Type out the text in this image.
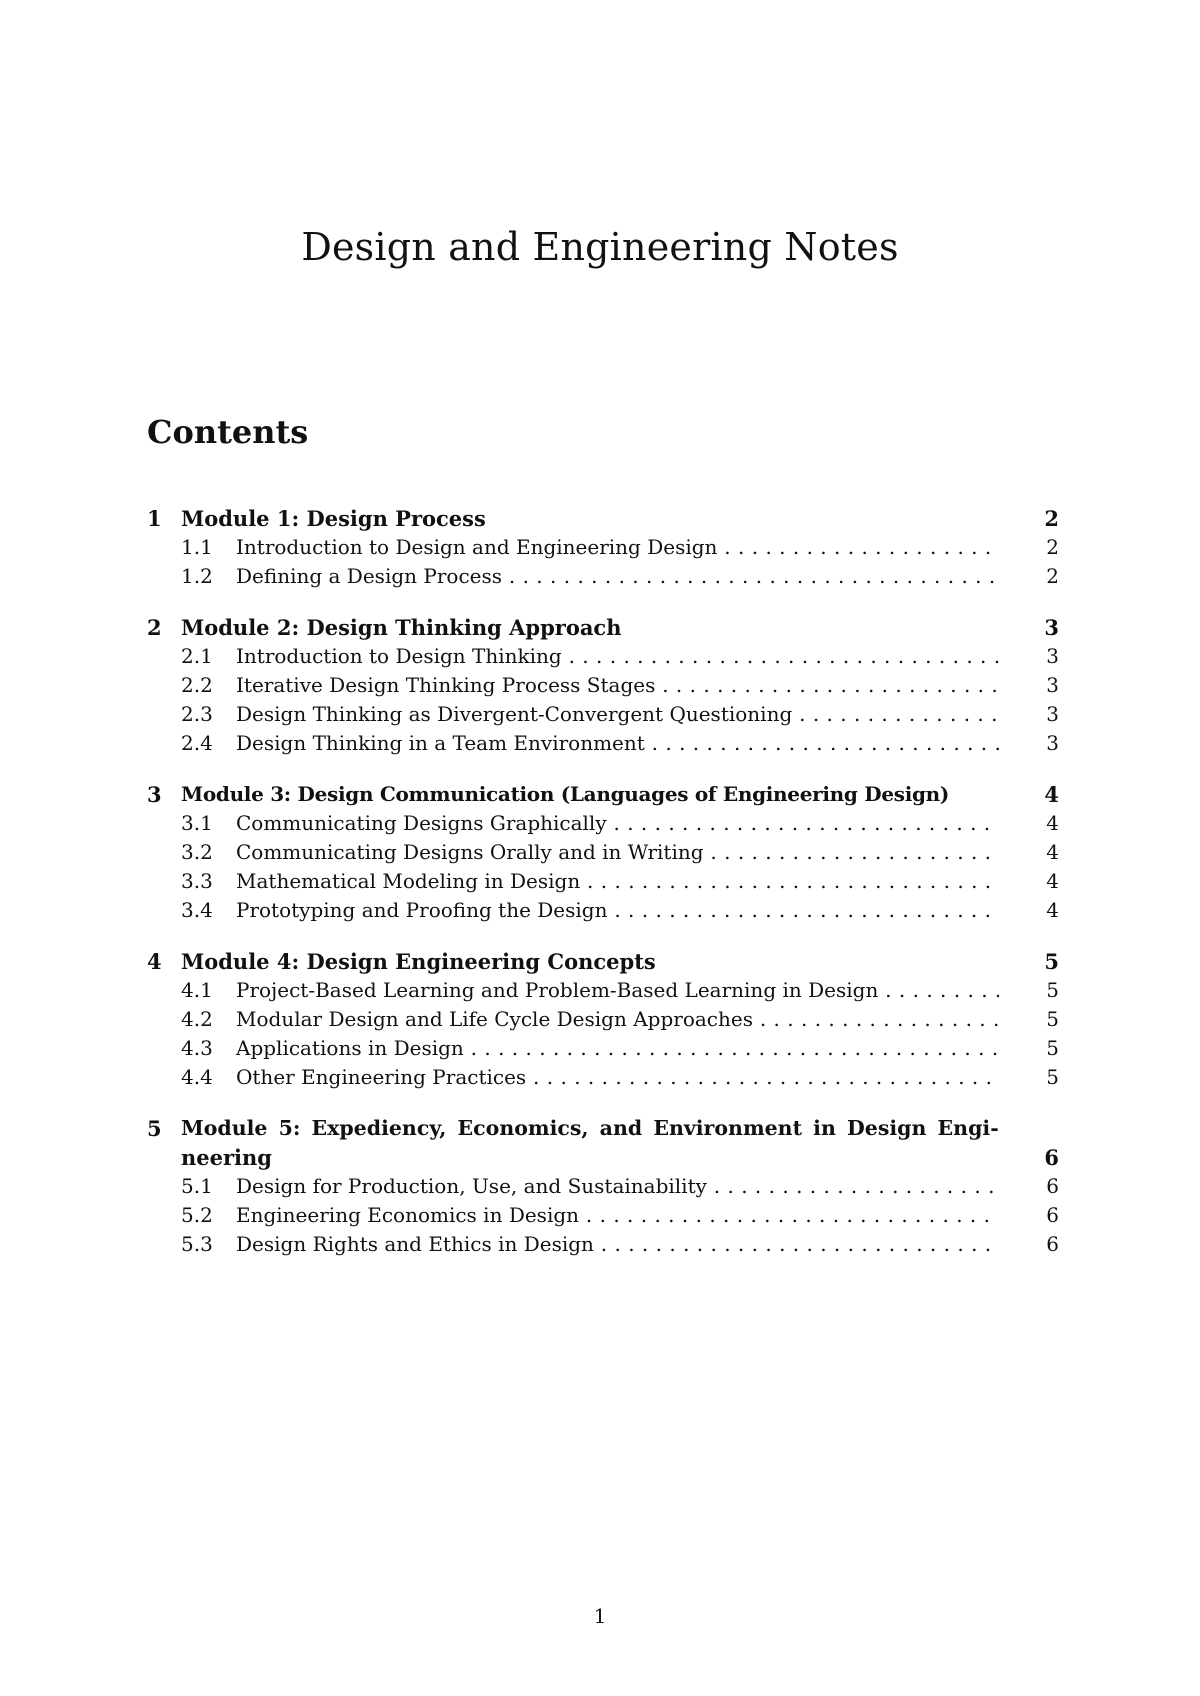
Design and Engineering Notes
Contents
1 Module 1: Design Process	2
1.1 Introduction to Design and Engineering Design . . .	2
1.2 Defining a Design Process . . .	2
2 Module 2: Design Thinking Approach	3
2.1 Introduction to Design Thinking . . .	3
2.2 Iterative Design Thinking Process Stages . . .	3
2.3 Design Thinking as Divergent-Convergent Questioning . . .	3
2.4 Design Thinking in a Team Environment . . .	3
3 Module 3: Design Communication (Languages of Engineering Design)	4
3.1 Communicating Designs Graphically . . .	4
3.2 Communicating Designs Orally and in Writing . . .	4
3.3 Mathematical Modeling in Design . . .	4
3.4 Prototyping and Proofing the Design . . .	4
4 Module 4: Design Engineering Concepts	5
4.1 Project-Based Learning and Problem-Based Learning in Design . . .	5
4.2 Modular Design and Life Cycle Design Approaches . . .	5
4.3 Applications in Design . . .	5
4.4 Other Engineering Practices . . .	5
5 Module 5: Expediency, Economics, and Environment in Design Engi-
neering	6
5.1 Design for Production, Use, and Sustainability . . .	6
5.2 Engineering Economics in Design . . .	6
5.3 Design Rights and Ethics in Design . . .	6
1
